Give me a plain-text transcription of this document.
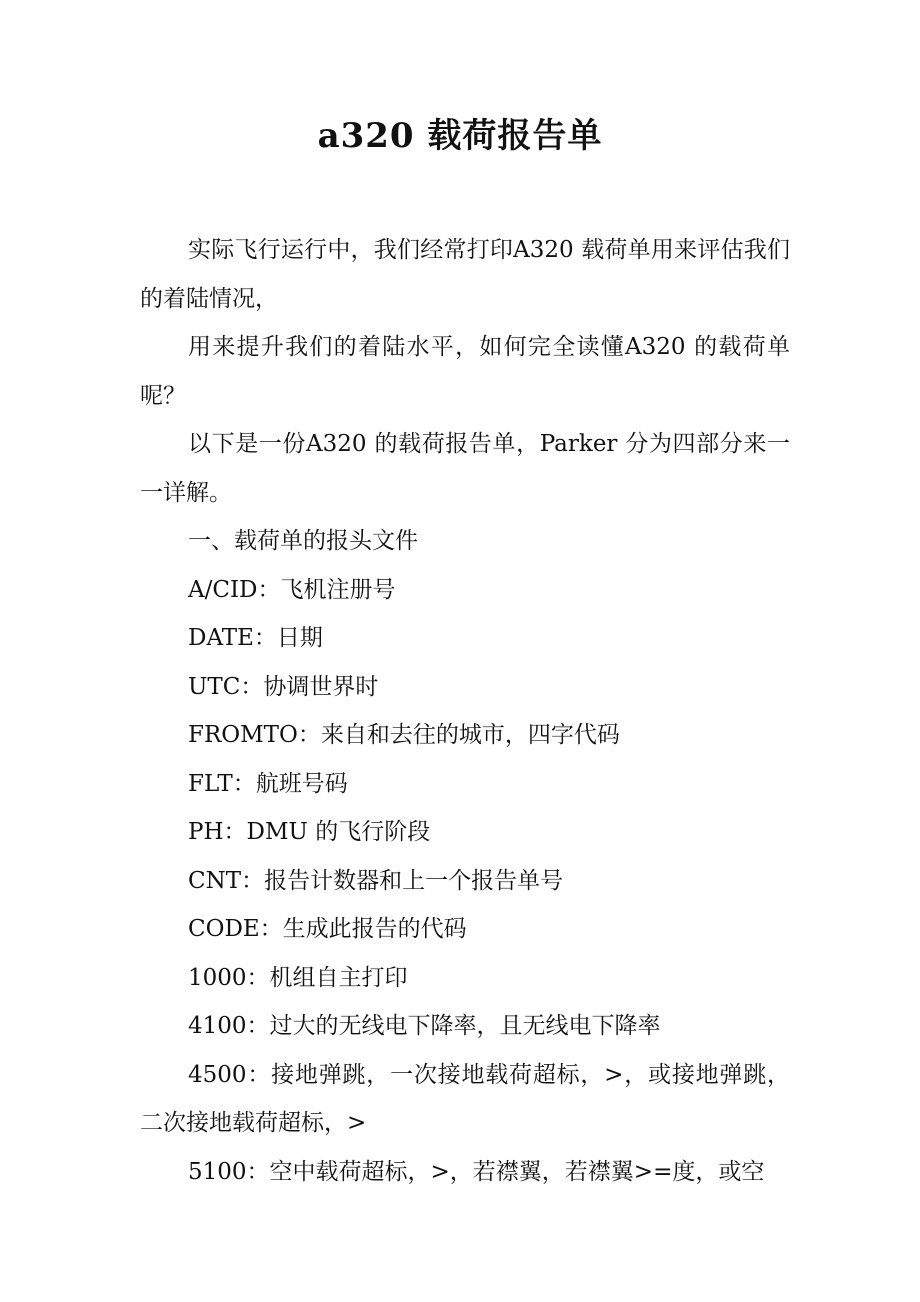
a320 载荷报告单

实际飞行运行中，我们经常打印A320 载荷单用来评估我们的着陆情况，

用来提升我们的着陆水平，如何完全读懂A320 的载荷单呢？

以下是一份A320 的载荷报告单，Parker 分为四部分来一一详解。

一、载荷单的报头文件

A/CID：飞机注册号

DATE：日期

UTC：协调世界时

FROMTO：来自和去往的城市，四字代码

FLT：航班号码

PH：DMU 的飞行阶段

CNT：报告计数器和上一个报告单号

CODE：生成此报告的代码

1000：机组自主打印

4100：过大的无线电下降率，且无线电下降率

4500：接地弹跳，一次接地载荷超标，>，或接地弹跳，二次接地载荷超标，>

5100：空中载荷超标，>，若襟翼，若襟翼>=度，或空
